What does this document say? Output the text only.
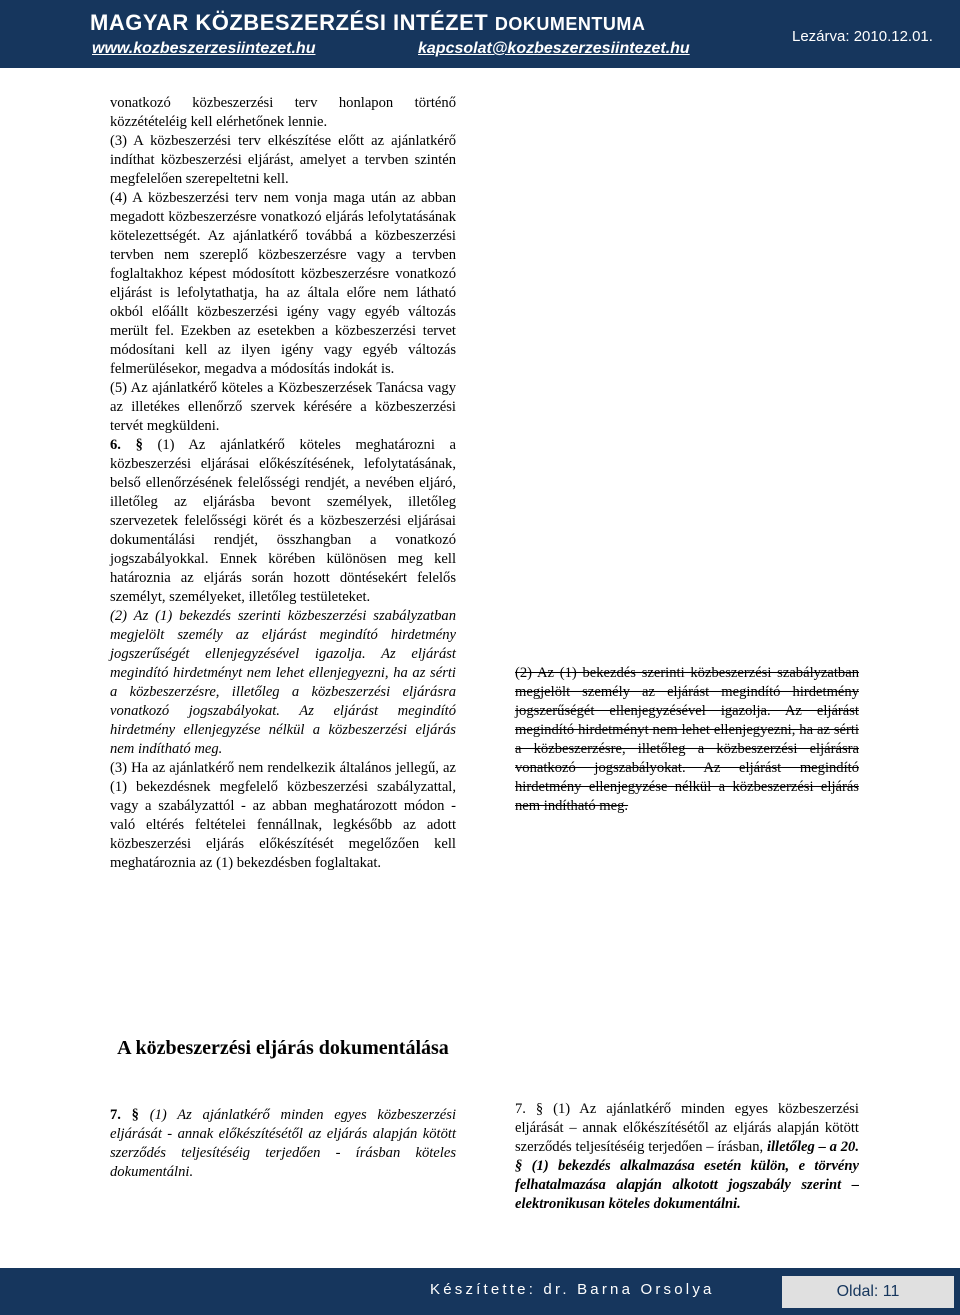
MAGYAR KÖZBESZERZÉSI INTÉZET DOKUMENTUMA
www.kozbeszerzesiintezet.hu	kapcsolat@kozbeszerzesiintezet.hu
Lezárva: 2010.12.01.

vonatkozó közbeszerzési terv honlapon történő közzétételéig kell elérhetőnek lennie.

(3) A közbeszerzési terv elkészítése előtt az ajánlatkérő indíthat közbeszerzési eljárást, amelyet a tervben szintén megfelelően szerepeltetni kell.

(4) A közbeszerzési terv nem vonja maga után az abban megadott közbeszerzésre vonatkozó eljárás lefolytatásának kötelezettségét. Az ajánlatkérő továbbá a közbeszerzési tervben nem szereplő közbeszerzésre vagy a tervben foglaltakhoz képest módosított közbeszerzésre vonatkozó eljárást is lefolytathatja, ha az általa előre nem látható okból előállt közbeszerzési igény vagy egyéb változás merült fel. Ezekben az esetekben a közbeszerzési tervet módosítani kell az ilyen igény vagy egyéb változás felmerülésekor, megadva a módosítás indokát is.

(5) Az ajánlatkérő köteles a Közbeszerzések Tanácsa vagy az illetékes ellenőrző szervek kérésére a közbeszerzési tervét megküldeni.

6. § (1) Az ajánlatkérő köteles meghatározni a közbeszerzési eljárásai előkészítésének, lefolytatásának, belső ellenőrzésének felelősségi rendjét, a nevében eljáró, illetőleg az eljárásba bevont személyek, illetőleg szervezetek felelősségi körét és a közbeszerzési eljárásai dokumentálási rendjét, összhangban a vonatkozó jogszabályokkal. Ennek körében különösen meg kell határoznia az eljárás során hozott döntésekért felelős személyt, személyeket, illetőleg testületeket.

(2) Az (1) bekezdés szerinti közbeszerzési szabályzatban megjelölt személy az eljárást megindító hirdetmény jogszerűségét ellenjegyzésével igazolja. Az eljárást megindító hirdetményt nem lehet ellenjegyezni, ha az sérti a közbeszerzésre, illetőleg a közbeszerzési eljárásra vonatkozó jogszabályokat. Az eljárást megindító hirdetmény ellenjegyzése nélkül a közbeszerzési eljárás nem indítható meg.

(3) Ha az ajánlatkérő nem rendelkezik általános jellegű, az (1) bekezdésnek megfelelő közbeszerzési szabályzattal, vagy a szabályzattól - az abban meghatározott módon - való eltérés feltételei fennállnak, legkésőbb az adott közbeszerzési eljárás előkészítését megelőzően kell meghatároznia az (1) bekezdésben foglaltakat.

(2) Az (1) bekezdés szerinti közbeszerzési szabályzatban megjelölt személy az eljárást megindító hirdetmény jogszerűségét ellenjegyzésével igazolja. Az eljárást megindító hirdetményt nem lehet ellenjegyezni, ha az sérti a közbeszerzésre, illetőleg a közbeszerzési eljárásra vonatkozó jogszabályokat. Az eljárást megindító hirdetmény ellenjegyzése nélkül a közbeszerzési eljárás nem indítható meg.

A közbeszerzési eljárás dokumentálása

7. § (1) Az ajánlatkérő minden egyes közbeszerzési eljárását - annak előkészítésétől az eljárás alapján kötött szerződés teljesítéséig terjedően - írásban köteles dokumentálni.

7. § (1) Az ajánlatkérő minden egyes közbeszerzési eljárását – annak előkészítésétől az eljárás alapján kötött szerződés teljesítéséig terjedően – írásban, illetőleg – a 20. § (1) bekezdés alkalmazása esetén külön, e törvény felhatalmazása alapján alkotott jogszabály szerint – elektronikusan köteles dokumentálni.

Készítette: dr. Barna Orsolya	Oldal: 11
